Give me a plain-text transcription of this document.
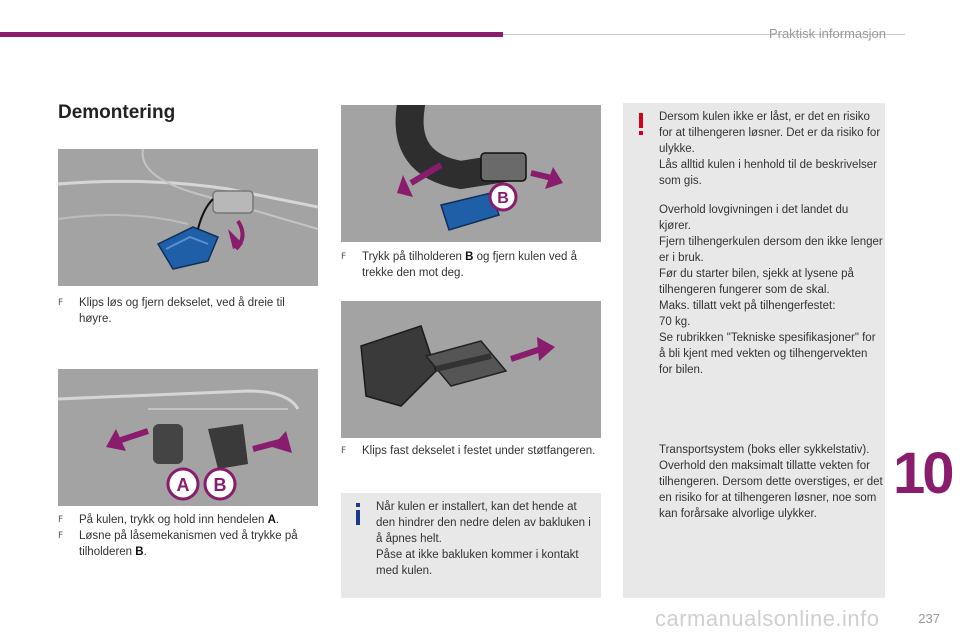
Praktisk informasjon
Demontering
F	Klips løs og fjern dekselet, ved å dreie til høyre.
A B
F	På kulen, trykk og hold inn hendelen A.
F	Løsne på låsemekanismen ved å trykke på tilholderen B.
B
F	Trykk på tilholderen B og fjern kulen ved å trekke den mot deg.
F	Klips fast dekselet i festet under støtfangeren.
Når kulen er installert, kan det hende at den hindrer den nedre delen av bakluken i å åpnes helt.
Påse at ikke bakluken kommer i kontakt med kulen.
Dersom kulen ikke er låst, er det en risiko for at tilhengeren løsner. Det er da risiko for ulykke.
Lås alltid kulen i henhold til de beskrivelser som gis.
Overhold lovgivningen i det landet du kjører.
Fjern tilhengerkulen dersom den ikke lenger er i bruk.
Før du starter bilen, sjekk at lysene på tilhengeren fungerer som de skal.
Maks. tillatt vekt på tilhengerfestet:
70 kg.
Se rubrikken "Tekniske spesifikasjoner" for å bli kjent med vekten og tilhengervekten for bilen.
Transportsystem (boks eller sykkelstativ).
Overhold den maksimalt tillatte vekten for tilhengeren. Dersom dette overstiges, er det en risiko for at tilhengeren løsner, noe som kan forårsake alvorlige ulykker.
10
carmanualsonline.info	237
